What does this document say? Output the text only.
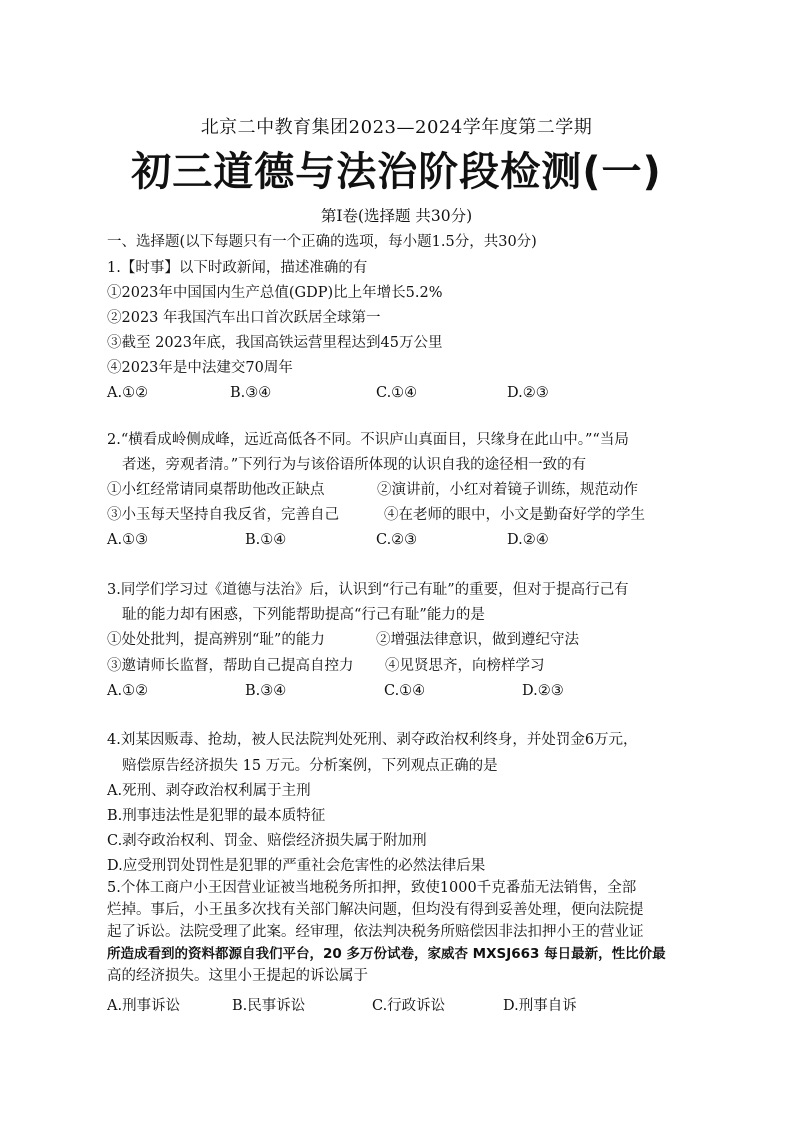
北京二中教育集团2023—2024学年度第二学期
初三道德与法治阶段检测(一)
第Ⅰ卷(选择题 共30分)
一、选择题(以下每题只有一个正确的选项，每小题1.5分，共30分)
1.【时事】以下时政新闻，描述准确的有
①2023年中国国内生产总值(GDP)比上年增长5.2%
②2023 年我国汽车出口首次跃居全球第一
③截至 2023年底，我国高铁运营里程达到45万公里
④2023年是中法建交70周年
A.①②	B.③④	C.①④	D.②③
2.“横看成岭侧成峰，远近高低各不同。不识庐山真面目，只缘身在此山中。”“当局
者迷，旁观者清。”下列行为与该俗语所体现的认识自我的途径相一致的有
①小红经常请同桌帮助他改正缺点	②演讲前，小红对着镜子训练，规范动作
③小玉每天坚持自我反省，完善自己	④在老师的眼中，小文是勤奋好学的学生
A.①③	B.①④	C.②③	D.②④
3.同学们学习过《道德与法治》后，认识到“行己有耻”的重要，但对于提高行己有
耻的能力却有困惑，下列能帮助提高“行己有耻”能力的是
①处处批判，提高辨别“耻”的能力	②增强法律意识，做到遵纪守法
③邀请师长监督，帮助自己提高自控力 ④见贤思齐，向榜样学习
A.①②	B.③④	C.①④	D.②③
4.刘某因贩毒、抢劫，被人民法院判处死刑、剥夺政治权利终身，并处罚金6万元，
赔偿原告经济损失 15 万元。分析案例，下列观点正确的是
A.死刑、剥夺政治权利属于主刑
B.刑事违法性是犯罪的最本质特征
C.剥夺政治权利、罚金、赔偿经济损失属于附加刑
D.应受刑罚处罚性是犯罪的严重社会危害性的必然法律后果
5.个体工商户小王因营业证被当地税务所扣押，致使1000千克番茄无法销售，全部
烂掉。事后，小王虽多次找有关部门解决问题，但均没有得到妥善处理，便向法院提
起了诉讼。法院受理了此案。经审理，依法判决税务所赔偿因非法扣押小王的营业证
所造成看到的资料都源自我们平台，20 多万份试卷，家威杏 MXSJ663 每日最新，性比价最
高的经济损失。这里小王提起的诉讼属于
A.刑事诉讼	B.民事诉讼	C.行政诉讼	D.刑事自诉
